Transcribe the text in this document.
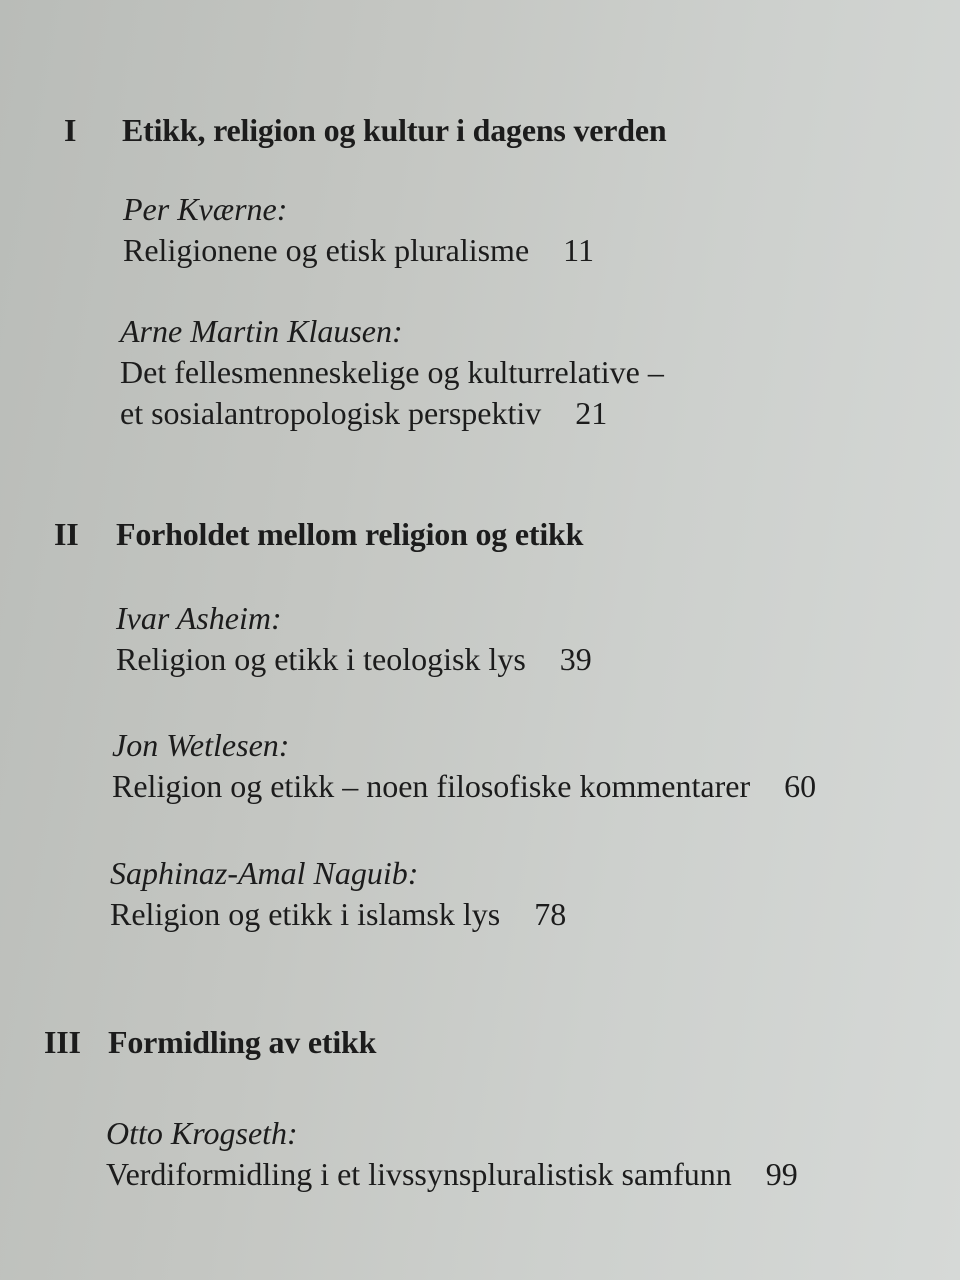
I	Etikk, religion og kultur i dagens verden
Per Kværne:
Religionene og etisk pluralisme 11
Arne Martin Klausen:
Det fellesmenneskelige og kulturrelative –
et sosialantropologisk perspektiv 21
II	Forholdet mellom religion og etikk
Ivar Asheim:
Religion og etikk i teologisk lys 39
Jon Wetlesen:
Religion og etikk – noen filosofiske kommentarer 60
Saphinaz-Amal Naguib:
Religion og etikk i islamsk lys 78
III Formidling av etikk
Otto Krogseth:
Verdiformidling i et livssynspluralistisk samfunn 99
